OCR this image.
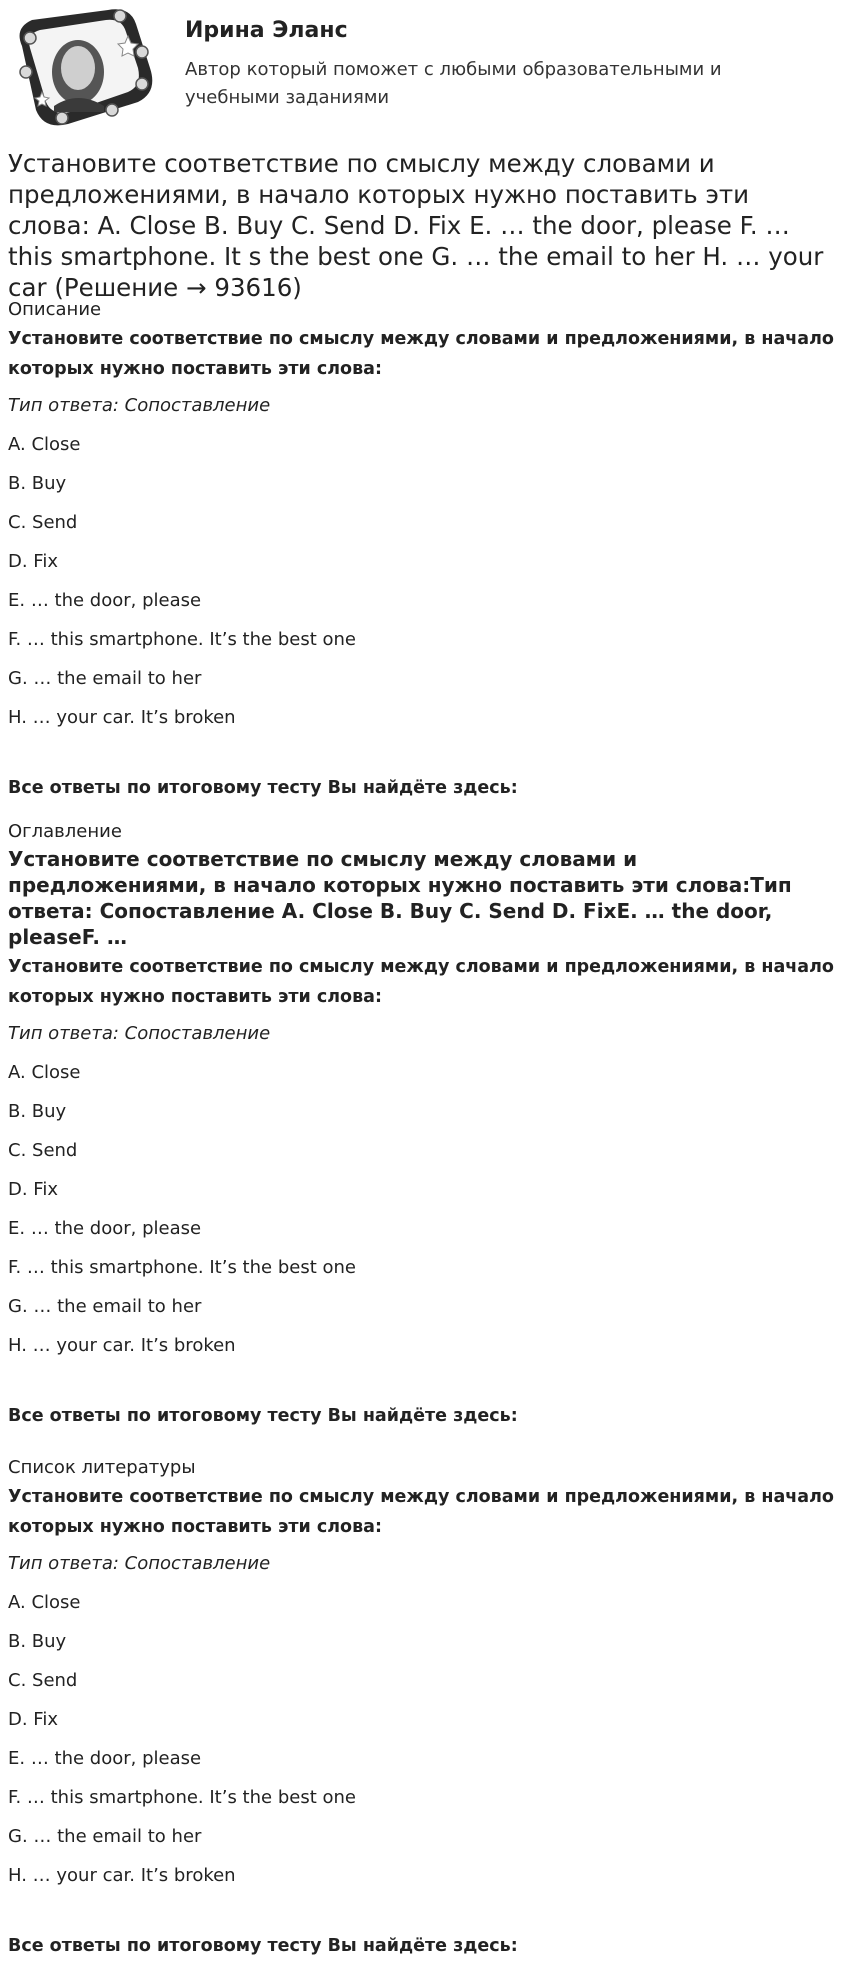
Ирина Эланс
Автор который поможет с любыми образовательными и учебными заданиями
Установите соответствие по смыслу между словами и предложениями, в начало которых нужно поставить эти слова: A. Close B. Buy C. Send D. Fix E. … the door, please F. … this smartphone. It s the best one G. … the email to her H. … your car (Решение → 93616)
Описание
Установите соответствие по смыслу между словами и предложениями, в начало которых нужно поставить эти слова:
Тип ответа: Сопоставление
A. Close
B. Buy
C. Send
D. Fix
E. … the door, please
F. … this smartphone. It’s the best one
G. … the email to her
H. … your car. It’s broken
Все ответы по итоговому тесту Вы найдёте здесь:
Оглавление
Установите соответствие по смыслу между словами и предложениями, в начало которых нужно поставить эти слова:Тип ответа: Сопоставление A. Close B. Buy C. Send D. FixE. … the door, pleaseF. …
Установите соответствие по смыслу между словами и предложениями, в начало которых нужно поставить эти слова:
Тип ответа: Сопоставление
A. Close
B. Buy
C. Send
D. Fix
E. … the door, please
F. … this smartphone. It’s the best one
G. … the email to her
H. … your car. It’s broken
Все ответы по итоговому тесту Вы найдёте здесь:
Список литературы
Установите соответствие по смыслу между словами и предложениями, в начало которых нужно поставить эти слова:
Тип ответа: Сопоставление
A. Close
B. Buy
C. Send
D. Fix
E. … the door, please
F. … this smartphone. It’s the best one
G. … the email to her
H. … your car. It’s broken
Все ответы по итоговому тесту Вы найдёте здесь:
